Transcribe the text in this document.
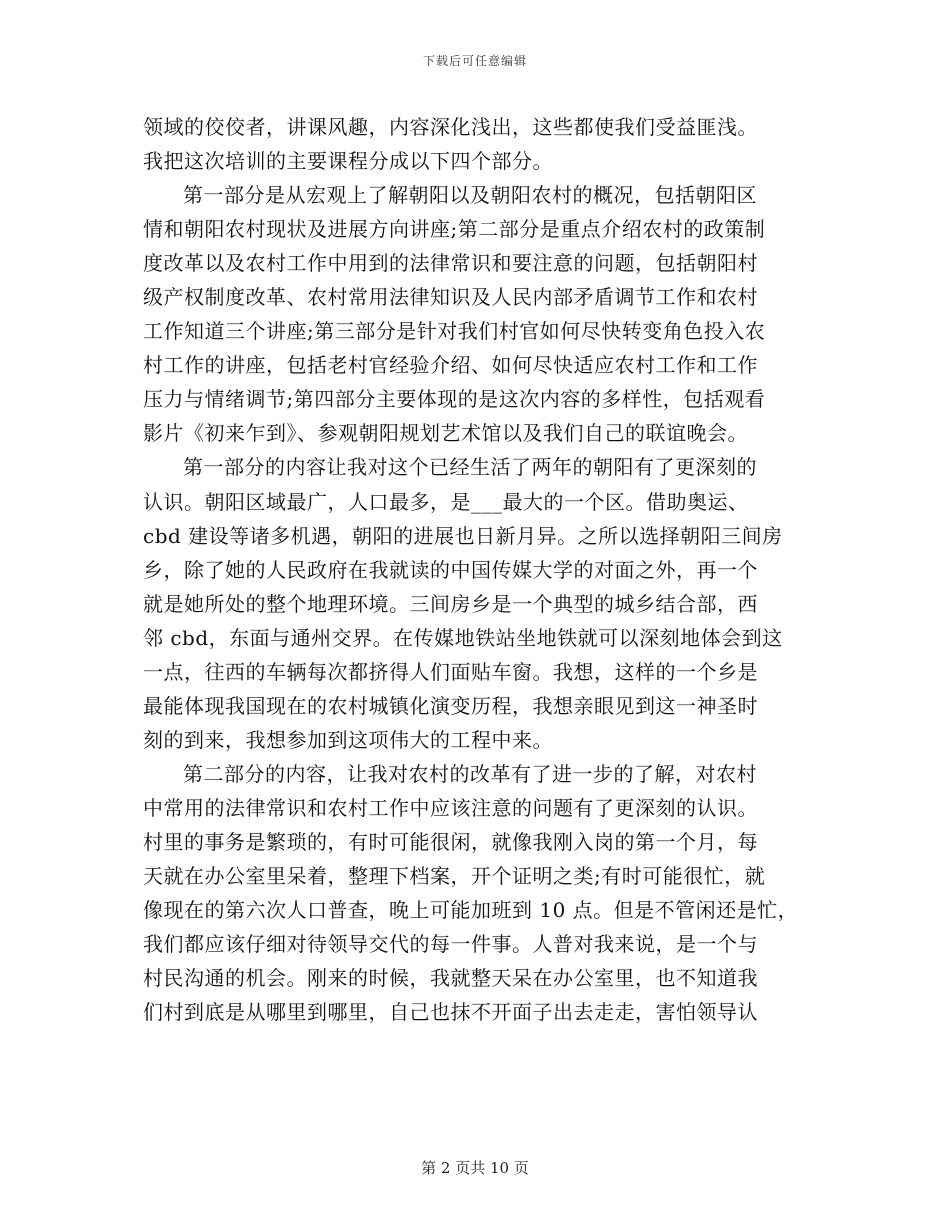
下载后可任意编辑
领域的佼佼者，讲课风趣，内容深化浅出，这些都使我们受益匪浅。
我把这次培训的主要课程分成以下四个部分。
第一部分是从宏观上了解朝阳以及朝阳农村的概况，包括朝阳区
情和朝阳农村现状及进展方向讲座;第二部分是重点介绍农村的政策制
度改革以及农村工作中用到的法律常识和要注意的问题，包括朝阳村
级产权制度改革、农村常用法律知识及人民内部矛盾调节工作和农村
工作知道三个讲座;第三部分是针对我们村官如何尽快转变角色投入农
村工作的讲座，包括老村官经验介绍、如何尽快适应农村工作和工作
压力与情绪调节;第四部分主要体现的是这次内容的多样性，包括观看
影片《初来乍到》、参观朝阳规划艺术馆以及我们自己的联谊晚会。
第一部分的内容让我对这个已经生活了两年的朝阳有了更深刻的
认识。朝阳区域最广，人口最多，是___最大的一个区。借助奥运、
cbd 建设等诸多机遇，朝阳的进展也日新月异。之所以选择朝阳三间房
乡，除了她的人民政府在我就读的中国传媒大学的对面之外，再一个
就是她所处的整个地理环境。三间房乡是一个典型的城乡结合部，西
邻 cbd，东面与通州交界。在传媒地铁站坐地铁就可以深刻地体会到这
一点，往西的车辆每次都挤得人们面贴车窗。我想，这样的一个乡是
最能体现我国现在的农村城镇化演变历程，我想亲眼见到这一神圣时
刻的到来，我想参加到这项伟大的工程中来。
第二部分的内容，让我对农村的改革有了进一步的了解，对农村
中常用的法律常识和农村工作中应该注意的问题有了更深刻的认识。
村里的事务是繁琐的，有时可能很闲，就像我刚入岗的第一个月，每
天就在办公室里呆着，整理下档案，开个证明之类;有时可能很忙，就
像现在的第六次人口普查，晚上可能加班到 10 点。但是不管闲还是忙，
我们都应该仔细对待领导交代的每一件事。人普对我来说，是一个与
村民沟通的机会。刚来的时候，我就整天呆在办公室里，也不知道我
们村到底是从哪里到哪里，自己也抹不开面子出去走走，害怕领导认
第 2 页共 10 页
